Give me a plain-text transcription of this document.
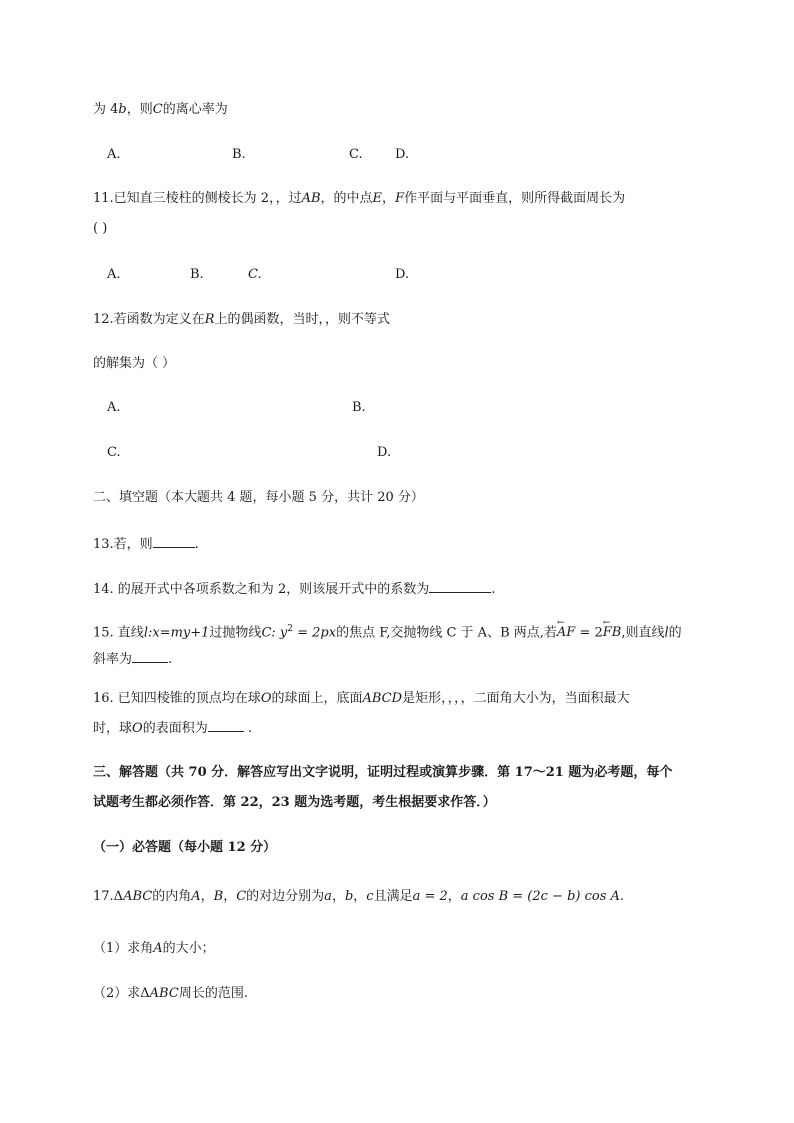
为 4b，则C的离心率为
A.	B.	C. D.
11.已知直三棱柱的侧棱长为 2，，过AB，的中点E，F作平面与平面垂直，则所得截面周长为
( )
A.	B.	C.	D.
12.若函数为定义在R上的偶函数，当时，，则不等式
的解集为（ ）
A.	B.
C.	D.
二、填空题（本大题共 4 题，每小题 5 分，共计 20 分）
13.若，则	.
14. 的展开式中各项系数之和为 2，则该展开式中的系数为	.
15. 直线l:x=my+1过抛物线C: $y^2 = 2px$的焦点 F,交抛物线 C 于 A、B 两点,若← AF = 2← FB,则直线l的
斜率为	.
16. 已知四棱锥的顶点均在球O的球面上，底面ABCD是矩形，，，，二面角大小为，当面积最大
时，球O的表面积为	.
三、解答题（共 70 分．解答应写出文字说明，证明过程或演算步骤．第 17～21 题为必考题，每个
试题考生都必须作答．第 22，23 题为选考题，考生根据要求作答．）
（一）必答题（每小题 12 分）
17.ΔABC的内角A，B，C的对边分别为a，b，c且满足a = 2，a cos B = (2c − b) cos A.
（1）求角A的大小；
（2）求ΔABC周长的范围.
